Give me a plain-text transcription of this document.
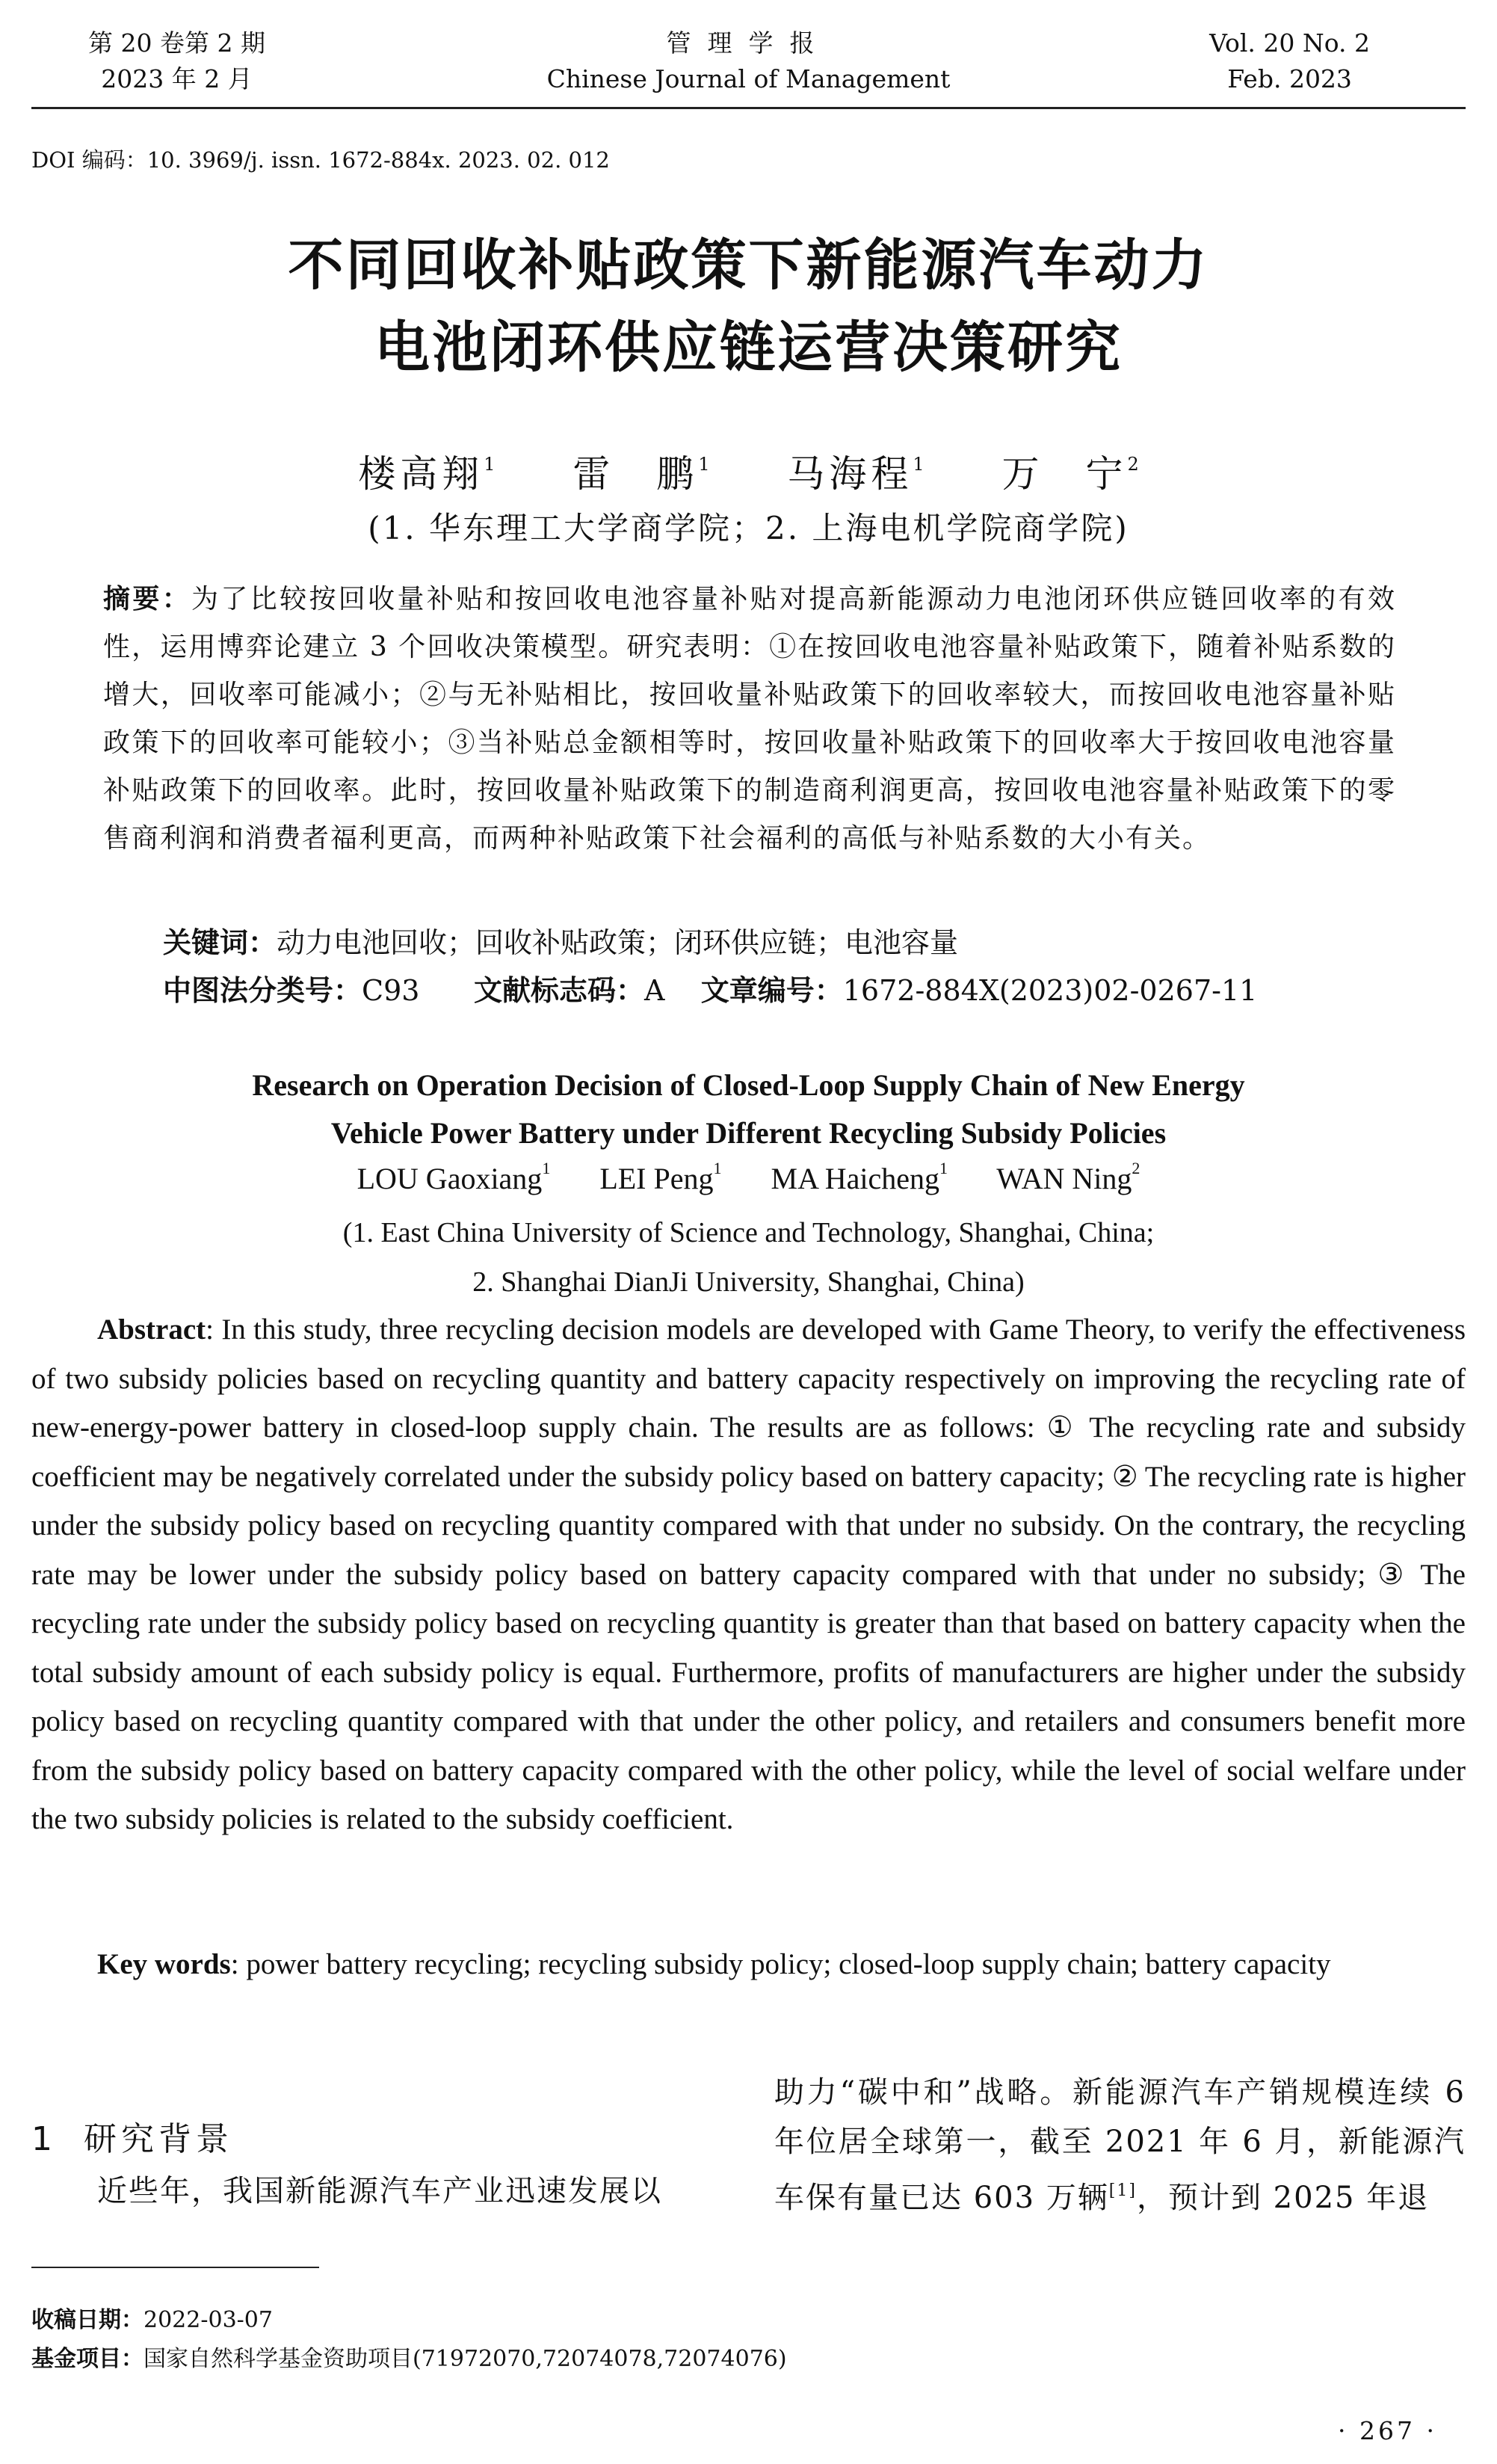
第 20 卷第 2 期
2023 年 2 月
管理学报
Chinese Journal of Management
Vol. 20 No. 2
Feb. 2023
DOI 编码：10. 3969/j. issn. 1672-884x. 2023. 02. 012
不同回收补贴政策下新能源汽车动力
电池闭环供应链运营决策研究
楼高翔$^1$ 雷　鹏$^1$ 马海程$^1$ 万　宁$^2$
(1. 华东理工大学商学院；2. 上海电机学院商学院)
摘要：为了比较按回收量补贴和按回收电池容量补贴对提高新能源动力电池闭环供应链回收率的有效性，运用博弈论建立 3 个回收决策模型。研究表明：①在按回收电池容量补贴政策下，随着补贴系数的增大，回收率可能减小；②与无补贴相比，按回收量补贴政策下的回收率较大，而按回收电池容量补贴政策下的回收率可能较小；③当补贴总金额相等时，按回收量补贴政策下的回收率大于按回收电池容量补贴政策下的回收率。此时，按回收量补贴政策下的制造商利润更高，按回收电池容量补贴政策下的零售商利润和消费者福利更高，而两种补贴政策下社会福利的高低与补贴系数的大小有关。
关键词：动力电池回收；回收补贴政策；闭环供应链；电池容量
中图法分类号：C93 文献标志码：A 文章编号：1672-884X(2023)02-0267-11
Research on Operation Decision of Closed-Loop Supply Chain of New Energy
Vehicle Power Battery under Different Recycling Subsidy Policies
LOU Gaoxiang$^1$ LEI Peng$^1$ MA Haicheng$^1$ WAN Ning$^2$
(1. East China University of Science and Technology, Shanghai, China;
2. Shanghai DianJi University, Shanghai, China)
Abstract: In this study, three recycling decision models are developed with Game Theory, to verify the effectiveness of two subsidy policies based on recycling quantity and battery capacity respectively on improving the recycling rate of new-energy-power battery in closed-loop supply chain. The results are as follows: ① The recycling rate and subsidy coefficient may be negatively correlated under the subsidy policy based on battery capacity; ② The recycling rate is higher under the subsidy policy based on recycling quantity compared with that under no subsidy. On the contrary, the recycling rate may be lower under the subsidy policy based on battery capacity compared with that under no subsidy; ③ The recycling rate under the subsidy policy based on recycling quantity is greater than that based on battery capacity when the total subsidy amount of each subsidy policy is equal. Furthermore, profits of manufacturers are higher under the subsidy policy based on recycling quantity compared with that under the other policy, and retailers and consumers benefit more from the subsidy policy based on battery capacity compared with the other policy, while the level of social welfare under the two subsidy policies is related to the subsidy coefficient.
Key words: power battery recycling; recycling subsidy policy; closed-loop supply chain; battery capacity
1 研究背景
近些年，我国新能源汽车产业迅速发展以
助力“碳中和”战略。新能源汽车产销规模连续 6 年位居全球第一，截至 2021 年 6 月，新能源汽车保有量已达 603 万辆[1]，预计到 2025 年退
收稿日期：2022-03-07
基金项目：国家自然科学基金资助项目(71972070,72074078,72074076)
· 267 ·
